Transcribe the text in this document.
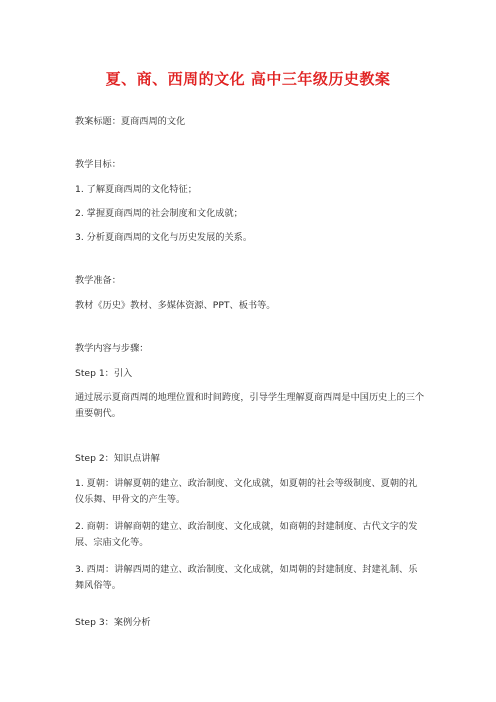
夏、商、西周的文化 高中三年级历史教案
教案标题：夏商西周的文化
教学目标：
1. 了解夏商西周的文化特征；
2. 掌握夏商西周的社会制度和文化成就；
3. 分析夏商西周的文化与历史发展的关系。
教学准备：
教材《历史》教材、多媒体资源、PPT、板书等。
教学内容与步骤：
Step 1：引入
通过展示夏商西周的地理位置和时间跨度，引导学生理解夏商西周是中国历史上的三个重要朝代。
Step 2：知识点讲解
1. 夏朝：讲解夏朝的建立、政治制度、文化成就，如夏朝的社会等级制度、夏朝的礼仪乐舞、甲骨文的产生等。
2. 商朝：讲解商朝的建立、政治制度、文化成就，如商朝的封建制度、古代文字的发展、宗庙文化等。
3. 西周：讲解西周的建立、政治制度、文化成就，如周朝的封建制度、封建礼制、乐舞风俗等。
Step 3：案例分析
